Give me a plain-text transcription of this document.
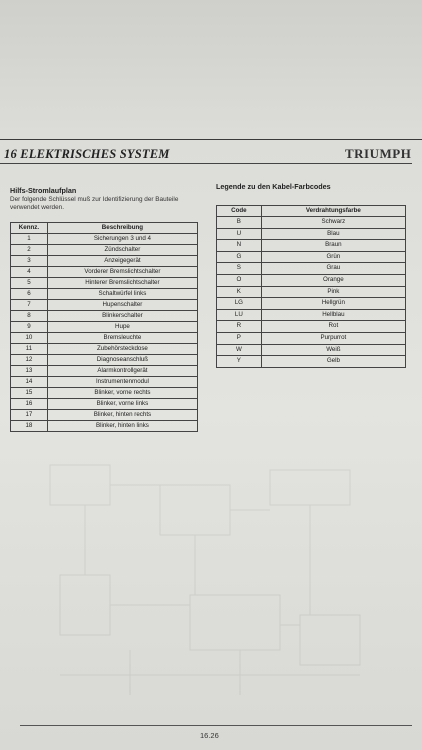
16 ELEKTRISCHES SYSTEM	TRIUMPH
Hilfs-Stromlaufplan
Der folgende Schlüssel muß zur Identifizierung der Bauteile verwendet werden.
Kennz.	Beschreibung
1	Sicherungen 3 und 4
2	Zündschalter
3	Anzeigegerät
4	Vorderer Bremslichtschalter
5	Hinterer Bremslichtschalter
6	Schaltwürfel links
7	Hupenschalter
8	Blinkerschalter
9	Hupe
10	Bremsleuchte
11	Zubehörsteckdose
12	Diagnoseanschluß
13	Alarmkontrollgerät
14	Instrumentenmodul
15	Blinker, vorne rechts
16	Blinker, vorne links
17	Blinker, hinten rechts
18	Blinker, hinten links
Legende zu den Kabel-Farbcodes
Code	Verdrahtungsfarbe
B	Schwarz
U	Blau
N	Braun
G	Grün
S	Grau
O	Orange
K	Pink
LG	Hellgrün
LU	Hellblau
R	Rot
P	Purpurrot
W	Weiß
Y	Gelb
16.26
